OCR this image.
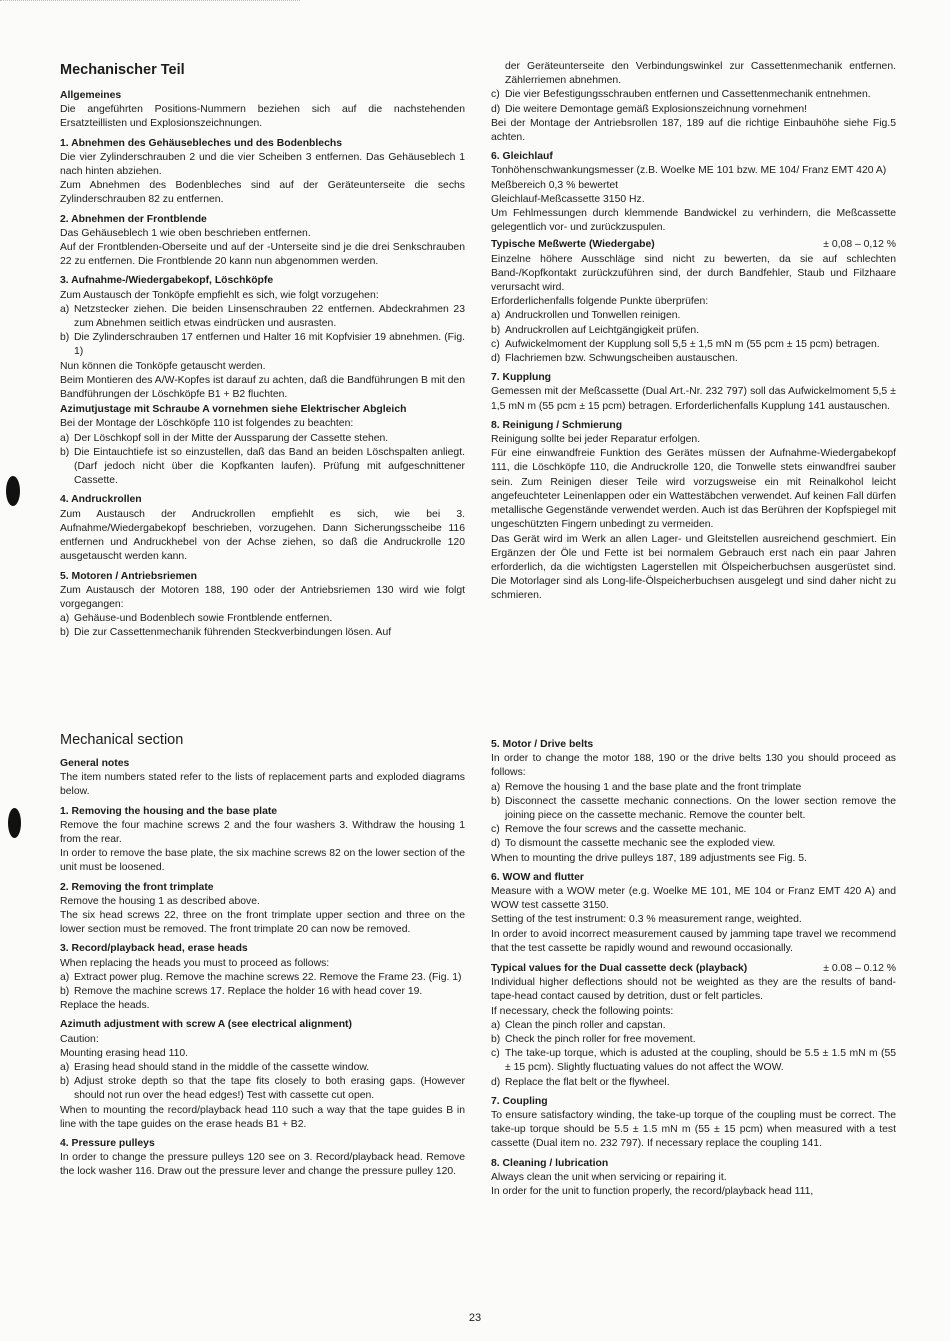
Mechanischer Teil
Allgemeines

Die angeführten Positions-Nummern beziehen sich auf die nachstehenden Ersatzteillisten und Explosionszeichnungen.

1. Abnehmen des Gehäusebleches und des Bodenblechs

Die vier Zylinderschrauben 2 und die vier Scheiben 3 entfernen. Das Gehäuseblech 1 nach hinten abziehen.

Zum Abnehmen des Bodenbleches sind auf der Geräteunterseite die sechs Zylinderschrauben 82 zu entfernen.

2. Abnehmen der Frontblende

Das Gehäuseblech 1 wie oben beschrieben entfernen.

Auf der Frontblenden-Oberseite und auf der -Unterseite sind je die drei Senkschrauben 22 zu entfernen. Die Frontblende 20 kann nun abgenommen werden.

3. Aufnahme-/Wiedergabekopf, Löschköpfe

Zum Austausch der Tonköpfe empfiehlt es sich, wie folgt vorzugehen:

a) Netzstecker ziehen. Die beiden Linsenschrauben 22 entfernen. Abdeckrahmen 23 zum Abnehmen seitlich etwas eindrücken und ausrasten.
b) Die Zylinderschrauben 17 entfernen und Halter 16 mit Kopfvisier 19 abnehmen. (Fig. 1)

Nun können die Tonköpfe getauscht werden.

Beim Montieren des A/W-Kopfes ist darauf zu achten, daß die Bandführungen B mit den Bandführungen der Löschköpfe B1 + B2 fluchten.

Azimutjustage mit Schraube A vornehmen siehe Elektrischer Abgleich

Bei der Montage der Löschköpfe 110 ist folgendes zu beachten:

a) Der Löschkopf soll in der Mitte der Aussparung der Cassette stehen.
b) Die Eintauchtiefe ist so einzustellen, daß das Band an beiden Löschspalten anliegt. (Darf jedoch nicht über die Kopfkanten laufen). Prüfung mit aufgeschnittener Cassette.
4. Andruckrollen

Zum Austausch der Andruckrollen empfiehlt es sich, wie bei 3. Aufnahme/Wiedergabekopf beschrieben, vorzugehen. Dann Sicherungsscheibe 116 entfernen und Andruckhebel von der Achse ziehen, so daß die Andruckrolle 120 ausgetauscht werden kann.

5. Motoren / Antriebsriemen

Zum Austausch der Motoren 188, 190 oder der Antriebsriemen 130 wird wie folgt vorgegangen:

a) Gehäuse-und Bodenblech sowie Frontblende entfernen.
b) Die zur Cassettenmechanik führenden Steckverbindungen lösen. Auf

der Geräteunterseite den Verbindungswinkel zur Cassettenmechanik entfernen. Zählerriemen abnehmen.

c) Die vier Befestigungsschrauben entfernen und Cassettenmechanik entnehmen.
d) Die weitere Demontage gemäß Explosionszeichnung vornehmen!

Bei der Montage der Antriebsrollen 187, 189 auf die richtige Einbauhöhe siehe Fig.5 achten.

6. Gleichlauf

Tonhöhenschwankungsmesser (z.B. Woelke ME 101 bzw. ME 104/ Franz EMT 420 A)

Meßbereich 0,3 % bewertet

Gleichlauf-Meßcassette 3150 Hz.

Um Fehlmessungen durch klemmende Bandwickel zu verhindern, die Meßcassette gelegentlich vor- und zurückzuspulen.

Typische Meßwerte (Wiedergabe)	± 0,08 – 0,12 %

Einzelne höhere Ausschläge sind nicht zu bewerten, da sie auf schlechten Band-/Kopfkontakt zurückzuführen sind, der durch Bandfehler, Staub und Filzhaare verursacht wird.

Erforderlichenfalls folgende Punkte überprüfen:

a) Andruckrollen und Tonwellen reinigen.
b) Andruckrollen auf Leichtgängigkeit prüfen.
c) Aufwickelmoment der Kupplung soll 5,5 ± 1,5 mN m (55 pcm ± 15 pcm) betragen.
d) Flachriemen bzw. Schwungscheiben austauschen.
7. Kupplung

Gemessen mit der Meßcassette (Dual Art.-Nr. 232 797) soll das Aufwickelmoment 5,5 ± 1,5 mN m (55 pcm ± 15 pcm) betragen. Erforderlichenfalls Kupplung 141 austauschen.

8. Reinigung / Schmierung

Reinigung sollte bei jeder Reparatur erfolgen.

Für eine einwandfreie Funktion des Gerätes müssen der Aufnahme-Wiedergabekopf 111, die Löschköpfe 110, die Andruckrolle 120, die Tonwelle stets einwandfrei sauber sein. Zum Reinigen dieser Teile wird vorzugsweise ein mit Reinalkohol leicht angefeuchteter Leinenlappen oder ein Wattestäbchen verwendet. Auf keinen Fall dürfen metallische Gegenstände verwendet werden. Auch ist das Berühren der Kopfspiegel mit ungeschützten Fingern unbedingt zu vermeiden.

Das Gerät wird im Werk an allen Lager- und Gleitstellen ausreichend geschmiert. Ein Ergänzen der Öle und Fette ist bei normalem Gebrauch erst nach ein paar Jahren erforderlich, da die wichtigsten Lagerstellen mit Ölspeicherbuchsen ausgerüstet sind. Die Motorlager sind als Long-life-Ölspeicherbuchsen ausgelegt und sind daher nicht zu schmieren.

Mechanical section
General notes

The item numbers stated refer to the lists of replacement parts and exploded diagrams below.

1. Removing the housing and the base plate

Remove the four machine screws 2 and the four washers 3. Withdraw the housing 1 from the rear.

In order to remove the base plate, the six machine screws 82 on the lower section of the unit must be loosened.

2. Removing the front trimplate

Remove the housing 1 as described above.

The six head screws 22, three on the front trimplate upper section and three on the lower section must be removed. The front trimplate 20 can now be removed.

3. Record/playback head, erase heads

When replacing the heads you must to proceed as follows:

a) Extract power plug. Remove the machine screws 22. Remove the Frame 23. (Fig. 1)
b) Remove the machine screws 17. Replace the holder 16 with head cover 19.

Replace the heads.

Azimuth adjustment with screw A (see electrical alignment)

Caution:

Mounting erasing head 110.

a) Erasing head should stand in the middle of the cassette window.
b) Adjust stroke depth so that the tape fits closely to both erasing gaps. (However should not run over the head edges!) Test with cassette cut open.

When to mounting the record/playback head 110 such a way that the tape guides B in line with the tape guides on the erase heads B1 + B2.

4. Pressure pulleys

In order to change the pressure pulleys 120 see on 3. Record/playback head. Remove the lock washer 116. Draw out the pressure lever and change the pressure pulley 120.

5. Motor / Drive belts

In order to change the motor 188, 190 or the drive belts 130 you should proceed as follows:

a) Remove the housing 1 and the base plate and the front trimplate
b) Disconnect the cassette mechanic connections. On the lower section remove the joining piece on the cassette mechanic. Remove the counter belt.
c) Remove the four screws and the cassette mechanic.
d) To dismount the cassette mechanic see the exploded view.

When to mounting the drive pulleys 187, 189 adjustments see Fig. 5.

6. WOW and flutter

Measure with a WOW meter (e.g. Woelke ME 101, ME 104 or Franz EMT 420 A) and WOW test cassette 3150.

Setting of the test instrument: 0.3 % measurement range, weighted.

In order to avoid incorrect measurement caused by jamming tape travel we recommend that the test cassette be rapidly wound and rewound occasionally.

Typical values for the Dual cassette deck (playback)	± 0.08 – 0.12 %

Individual higher deflections should not be weighted as they are the results of band-tape-head contact caused by detrition, dust or felt particles.

If necessary, check the following points:

a) Clean the pinch roller and capstan.
b) Check the pinch roller for free movement.
c) The take-up torque, which is adusted at the coupling, should be 5.5 ± 1.5 mN m (55 ± 15 pcm). Slightly fluctuating values do not affect the WOW.
d) Replace the flat belt or the flywheel.
7. Coupling

To ensure satisfactory winding, the take-up torque of the coupling must be correct. The take-up torque should be 5.5 ± 1.5 mN m (55 ± 15 pcm) when measured with a test cassette (Dual item no. 232 797). If necessary replace the coupling 141.

8. Cleaning / lubrication

Always clean the unit when servicing or repairing it.

In order for the unit to function properly, the record/playback head 111,

23
